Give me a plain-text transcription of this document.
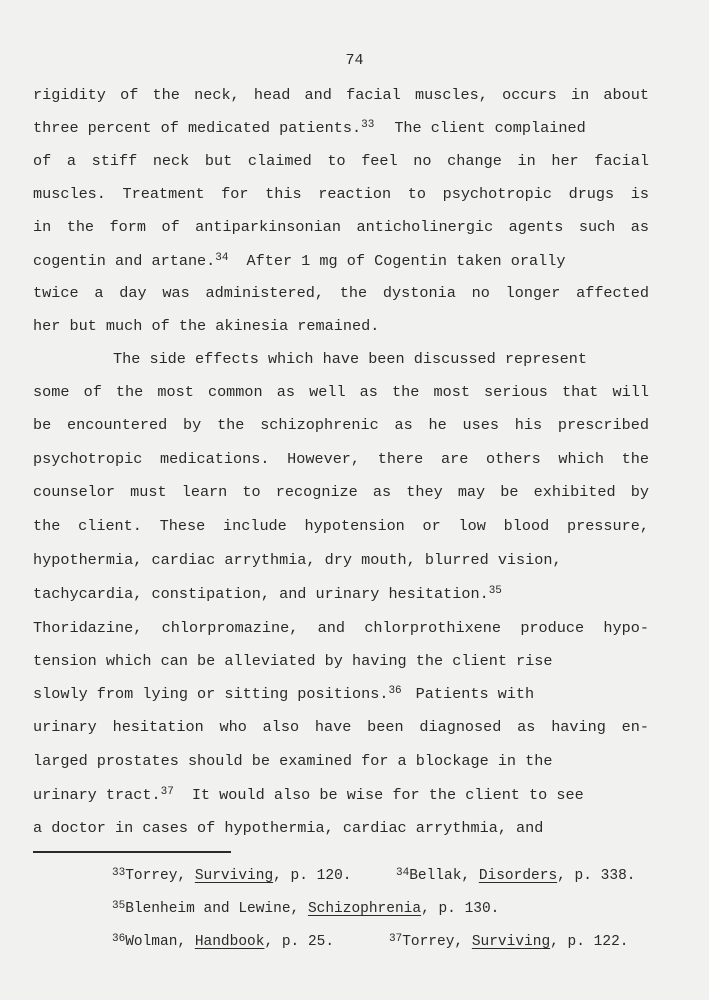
74
rigidity of the neck, head and facial muscles, occurs in about
three percent of medicated patients.$^{33}$ The client complained
of a stiff neck but claimed to feel no change in her facial
muscles. Treatment for this reaction to psychotropic drugs is
in the form of antiparkinsonian anticholinergic agents such as
cogentin and artane.$^{34}$ After 1 mg of Cogentin taken orally
twice a day was administered, the dystonia no longer affected
her but much of the akinesia remained.
The side effects which have been discussed represent
some of the most common as well as the most serious that will
be encountered by the schizophrenic as he uses his prescribed
psychotropic medications. However, there are others which the
counselor must learn to recognize as they may be exhibited by
the client. These include hypotension or low blood pressure,
hypothermia, cardiac arrythmia, dry mouth, blurred vision,
tachycardia, constipation, and urinary hesitation.$^{35}$
Thoridazine, chlorpromazine, and chlorprothixene produce hypo-
tension which can be alleviated by having the client rise
slowly from lying or sitting positions.$^{36}$ Patients with
urinary hesitation who also have been diagnosed as having en-
larged prostates should be examined for a blockage in the
urinary tract.$^{37}$ It would also be wise for the client to see
a doctor in cases of hypothermia, cardiac arrythmia, and
$^{33}$Torrey, Surviving, p. 120.	$^{34}$Bellak, Disorders, p. 338.
$^{35}$Blenheim and Lewine, Schizophrenia, p. 130.
$^{36}$Wolman, Handbook, p. 25.	$^{37}$Torrey, Surviving, p. 122.
